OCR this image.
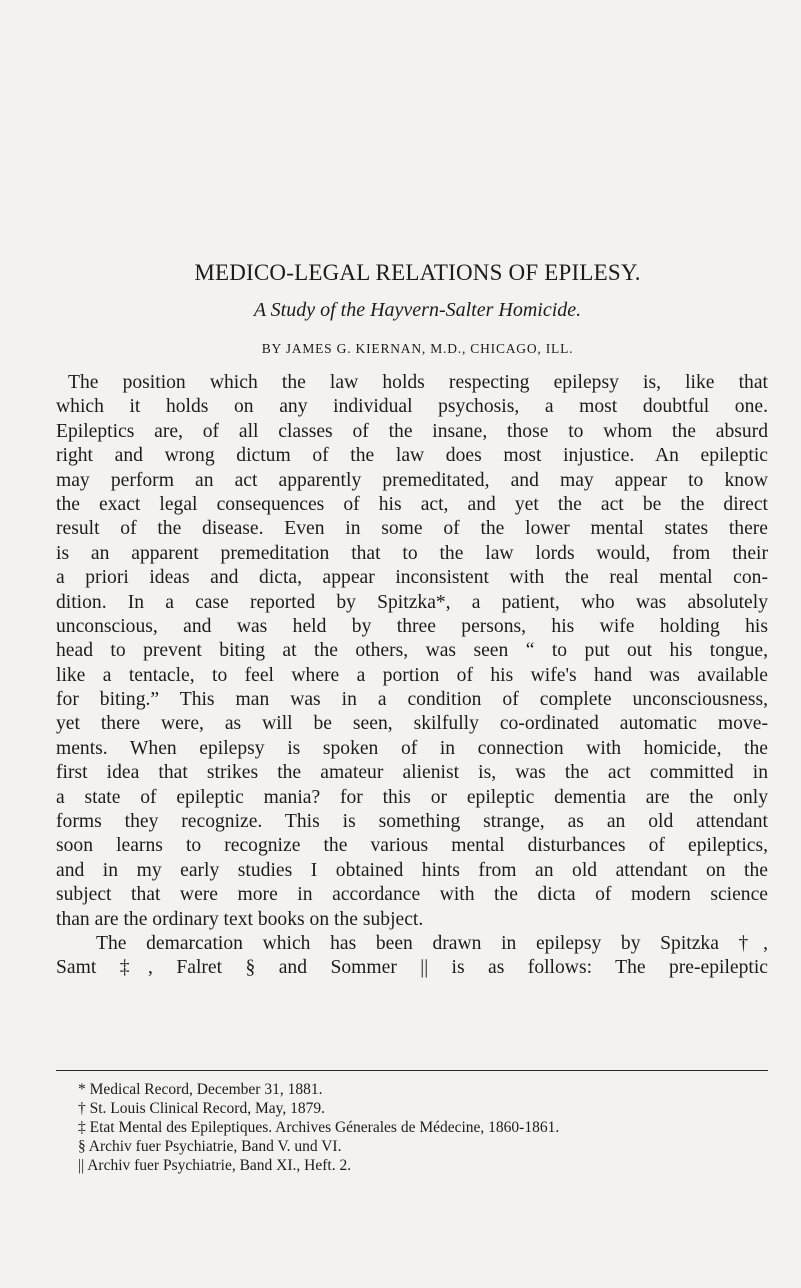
MEDICO-LEGAL RELATIONS OF EPILESY.
A Study of the Hayvern-Salter Homicide.
BY JAMES G. KIERNAN, M.D., CHICAGO, ILL.
The position which the law holds respecting epilepsy is, like that
which it holds on any individual psychosis, a most doubtful one.
Epileptics are, of all classes of the insane, those to whom the absurd
right and wrong dictum of the law does most injustice. An epileptic
may perform an act apparently premeditated, and may appear to know
the exact legal consequences of his act, and yet the act be the direct
result of the disease. Even in some of the lower mental states there
is an apparent premeditation that to the law lords would, from their
a priori ideas and dicta, appear inconsistent with the real mental con-
dition. In a case reported by Spitzka*, a patient, who was absolutely
unconscious, and was held by three persons, his wife holding his
head to prevent biting at the others, was seen “ to put out his tongue,
like a tentacle, to feel where a portion of his wife's hand was available
for biting.” This man was in a condition of complete unconsciousness,
yet there were, as will be seen, skilfully co-ordinated automatic move-
ments. When epilepsy is spoken of in connection with homicide, the
first idea that strikes the amateur alienist is, was the act committed in
a state of epileptic mania? for this or epileptic dementia are the only
forms they recognize. This is something strange, as an old attendant
soon learns to recognize the various mental disturbances of epileptics,
and in my early studies I obtained hints from an old attendant on the
subject that were more in accordance with the dicta of modern science
than are the ordinary text books on the subject.
The demarcation which has been drawn in epilepsy by Spitzka †,
Samt ‡, Falret § and Sommer || is as follows: The pre-epileptic
* Medical Record, December 31, 1881.
† St. Louis Clinical Record, May, 1879.
‡ Etat Mental des Epileptiques. Archives Génerales de Médecine, 1860-1861.
§ Archiv fuer Psychiatrie, Band V. und VI.
|| Archiv fuer Psychiatrie, Band XI., Heft. 2.
